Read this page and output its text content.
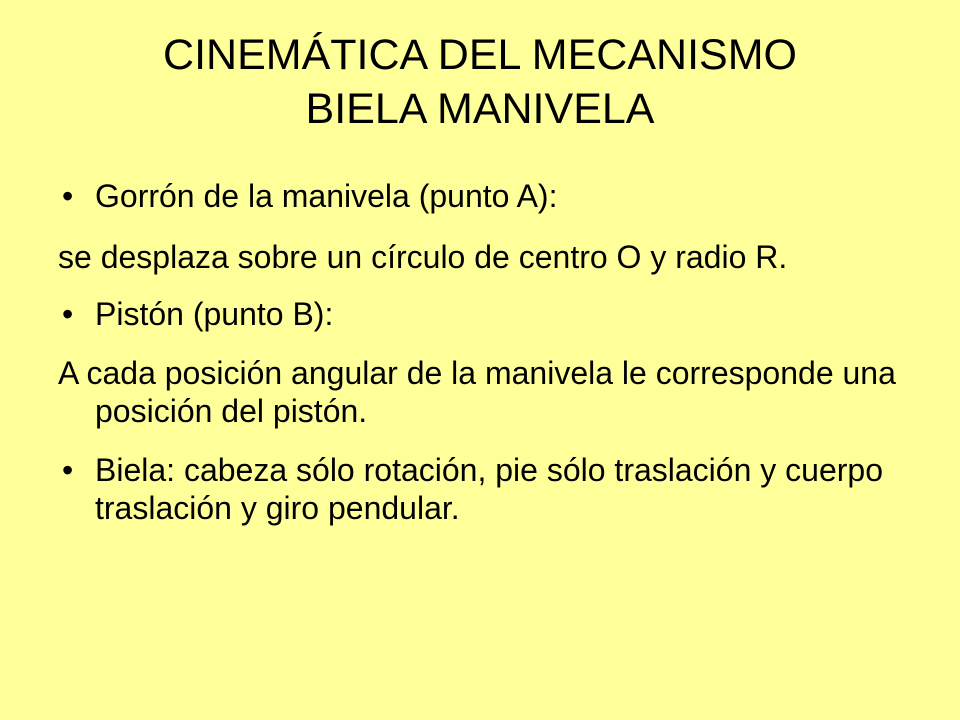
CINEMÁTICA DEL MECANISMO
BIELA MANIVELA
• Gorrón de la manivela (punto A):
se desplaza sobre un círculo de centro O y radio R.
• Pistón (punto B):
A cada posición angular de la manivela le corresponde una posición del pistón.
• Biela: cabeza sólo rotación, pie sólo traslación y cuerpo traslación y giro pendular.
